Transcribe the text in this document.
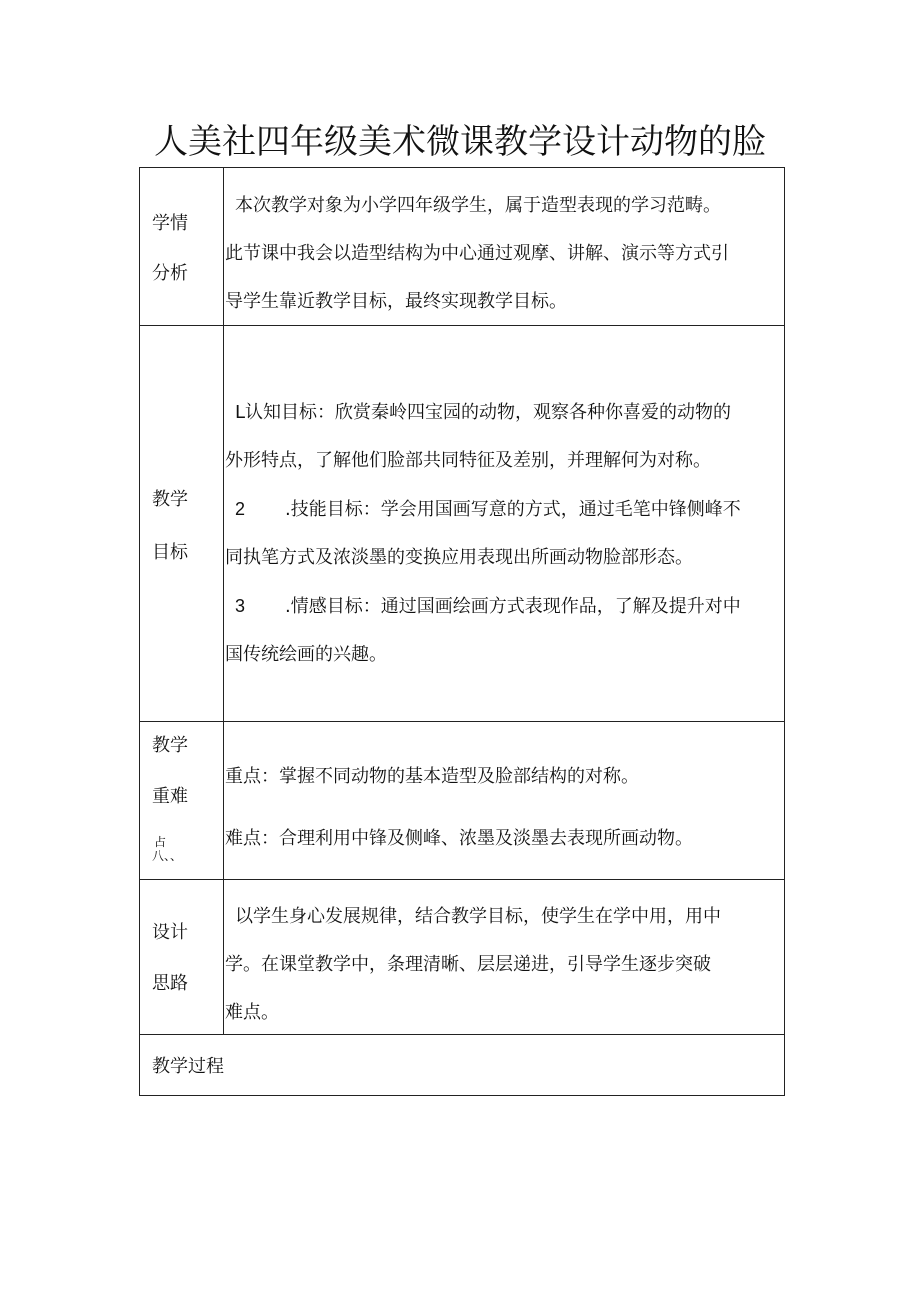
人美社四年级美术微课教学设计动物的脸
学情
分析
本次教学对象为小学四年级学生，属于造型表现的学习范畴。
此节课中我会以造型结构为中心通过观摩、讲解、演示等方式引
导学生靠近教学目标，最终实现教学目标。
教学
目标
L认知目标：欣赏秦岭四宝园的动物，观察各种你喜爱的动物的
外形特点，了解他们脸部共同特征及差别，并理解何为对称。
2 .技能目标：学会用国画写意的方式，通过毛笔中锋侧峰不
同执笔方式及浓淡墨的变换应用表现出所画动物脸部形态。
3 .情感目标：通过国画绘画方式表现作品，了解及提升对中
国传统绘画的兴趣。
教学
重难
占
八、、
重点：掌握不同动物的基本造型及脸部结构的对称。
难点：合理利用中锋及侧峰、浓墨及淡墨去表现所画动物。
设计
思路
以学生身心发展规律，结合教学目标，使学生在学中用，用中
学。在课堂教学中，条理清晰、层层递进，引导学生逐步突破
难点。
教学过程
